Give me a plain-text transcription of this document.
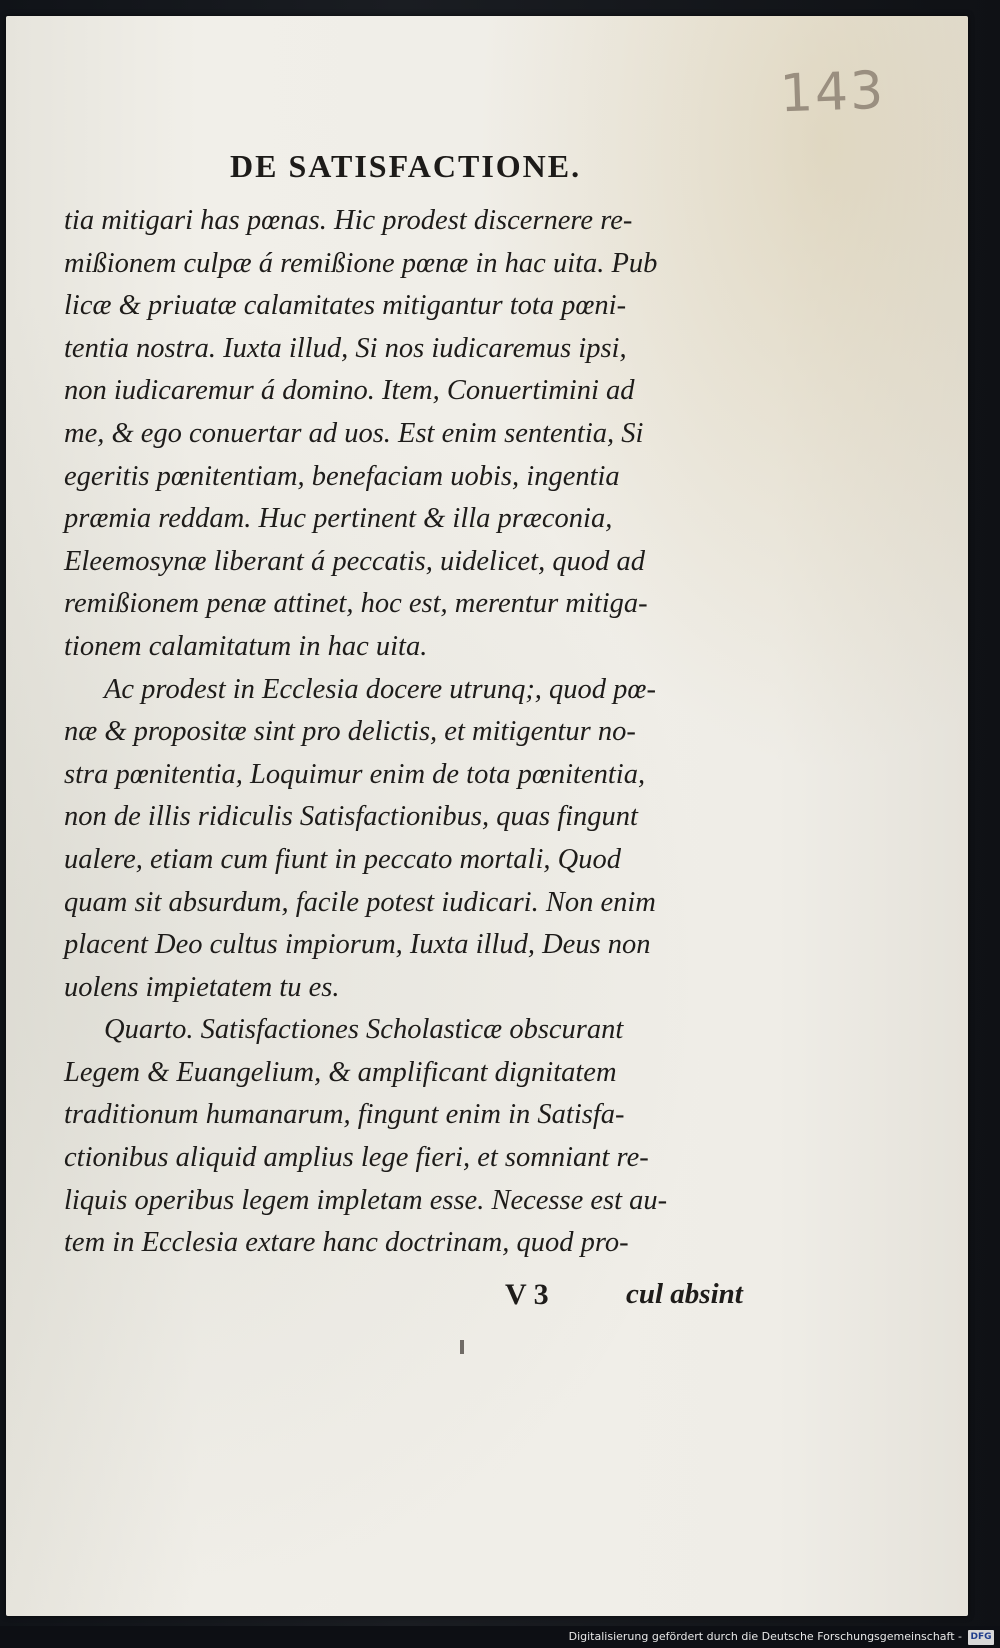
143
DE SATISFACTIONE.
tia mitigari has pœnas. Hic prodest discernere re-
mißionem culpæ á remißione pœnæ in hac uita. Pub
licæ & priuatæ calamitates mitigantur tota pœni-
tentia nostra. Iuxta illud, Si nos iudicaremus ipsi,
non iudicaremur á domino. Item, Conuertimini ad
me, & ego conuertar ad uos. Est enim sententia, Si
egeritis pœnitentiam, benefaciam uobis, ingentia
præmia reddam. Huc pertinent & illa præconia,
Eleemosynæ liberant á peccatis, uidelicet, quod ad
remißionem penæ attinet, hoc est, merentur mitiga-
tionem calamitatum in hac uita.
Ac prodest in Ecclesia docere utrunq;, quod pœ-
næ & propositæ sint pro delictis, et mitigentur no-
stra pœnitentia, Loquimur enim de tota pœnitentia,
non de illis ridiculis Satisfactionibus, quas fingunt
ualere, etiam cum fiunt in peccato mortali, Quod
quam sit absurdum, facile potest iudicari. Non enim
placent Deo cultus impiorum, Iuxta illud, Deus non
uolens impietatem tu es.
Quarto. Satisfactiones Scholasticæ obscurant
Legem & Euangelium, & amplificant dignitatem
traditionum humanarum, fingunt enim in Satisfa-
ctionibus aliquid amplius lege fieri, et somniant re-
liquis operibus legem impletam esse. Necesse est au-
tem in Ecclesia extare hanc doctrinam, quod pro-
V 3	cul absint
Digitalisierung gefördert durch die Deutsche Forschungsgemeinschaft - DFG
